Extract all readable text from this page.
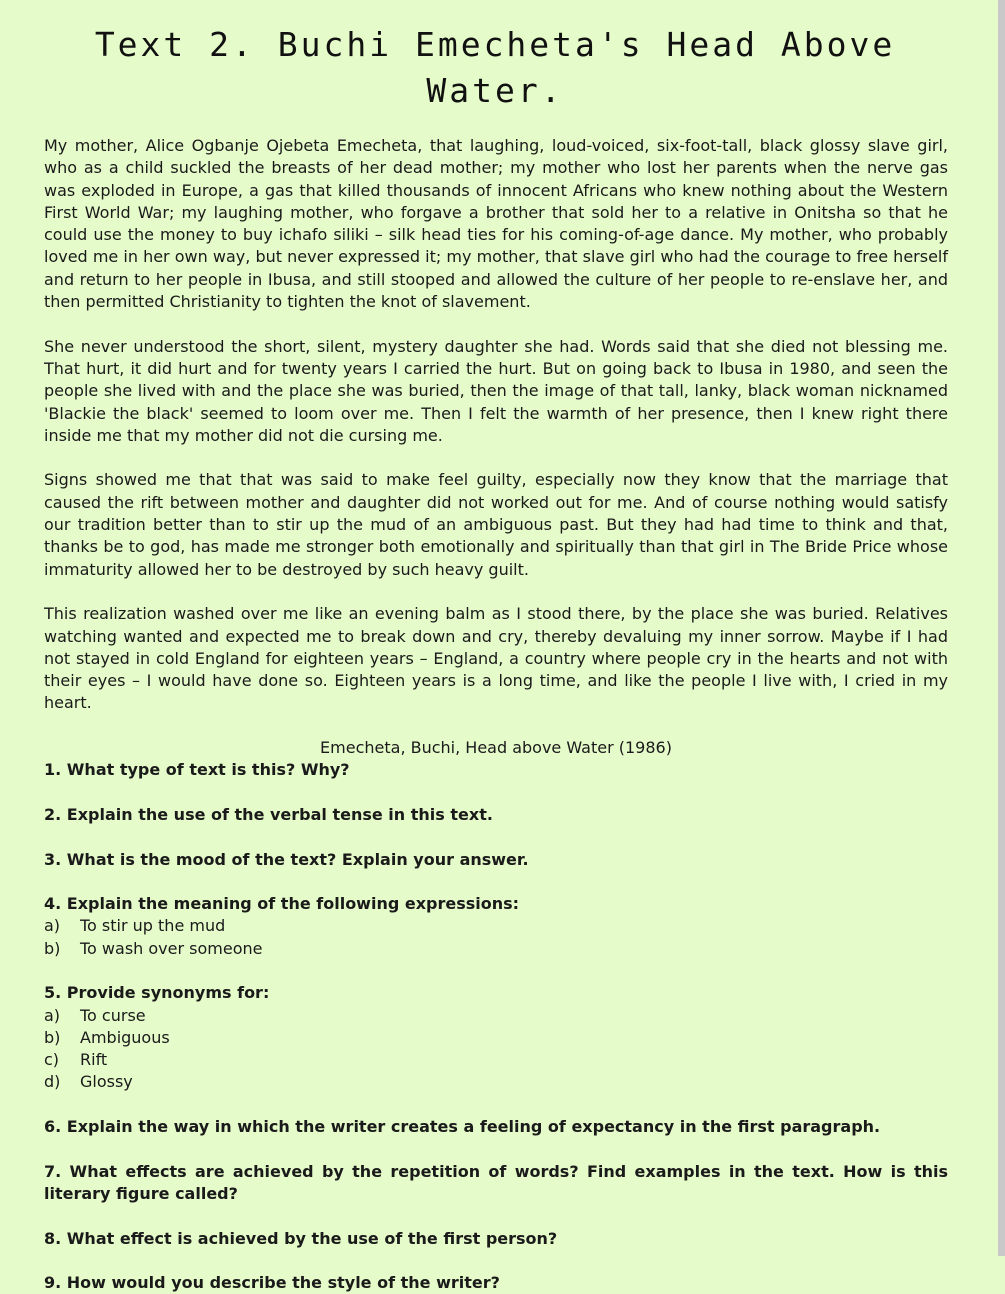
Text 2. Buchi Emecheta's Head Above Water.

My mother, Alice Ogbanje Ojebeta Emecheta, that laughing, loud-voiced, six-foot-tall, black glossy slave girl, who as a child suckled the breasts of her dead mother; my mother who lost her parents when the nerve gas was exploded in Europe, a gas that killed thousands of innocent Africans who knew nothing about the Western First World War; my laughing mother, who forgave a brother that sold her to a relative in Onitsha so that he could use the money to buy ichafo siliki – silk head ties for his coming-of-age dance. My mother, who probably loved me in her own way, but never expressed it; my mother, that slave girl who had the courage to free herself and return to her people in Ibusa, and still stooped and allowed the culture of her people to re-enslave her, and then permitted Christianity to tighten the knot of slavement.

She never understood the short, silent, mystery daughter she had. Words said that she died not blessing me. That hurt, it did hurt and for twenty years I carried the hurt. But on going back to Ibusa in 1980, and seen the people she lived with and the place she was buried, then the image of that tall, lanky, black woman nicknamed 'Blackie the black' seemed to loom over me. Then I felt the warmth of her presence, then I knew right there inside me that my mother did not die cursing me.

Signs showed me that that was said to make feel guilty, especially now they know that the marriage that caused the rift between mother and daughter did not worked out for me. And of course nothing would satisfy our tradition better than to stir up the mud of an ambiguous past. But they had had time to think and that, thanks be to god, has made me stronger both emotionally and spiritually than that girl in The Bride Price whose immaturity allowed her to be destroyed by such heavy guilt.

This realization washed over me like an evening balm as I stood there, by the place she was buried. Relatives watching wanted and expected me to break down and cry, thereby devaluing my inner sorrow. Maybe if I had not stayed in cold England for eighteen years – England, a country where people cry in the hearts and not with their eyes – I would have done so. Eighteen years is a long time, and like the people I live with, I cried in my heart.

Emecheta, Buchi, Head above Water (1986)

1. What type of text is this? Why?

2. Explain the use of the verbal tense in this text.

3. What is the mood of the text? Explain your answer.

4. Explain the meaning of the following expressions:

a)	To stir up the mud
b)	To wash over someone

5. Provide synonyms for:

a)	To curse
b)	Ambiguous
c)	Rift
d)	Glossy

6. Explain the way in which the writer creates a feeling of expectancy in the first paragraph.

7. What effects are achieved by the repetition of words? Find examples in the text. How is this literary figure called?

8. What effect is achieved by the use of the first person?

9. How would you describe the style of the writer?
